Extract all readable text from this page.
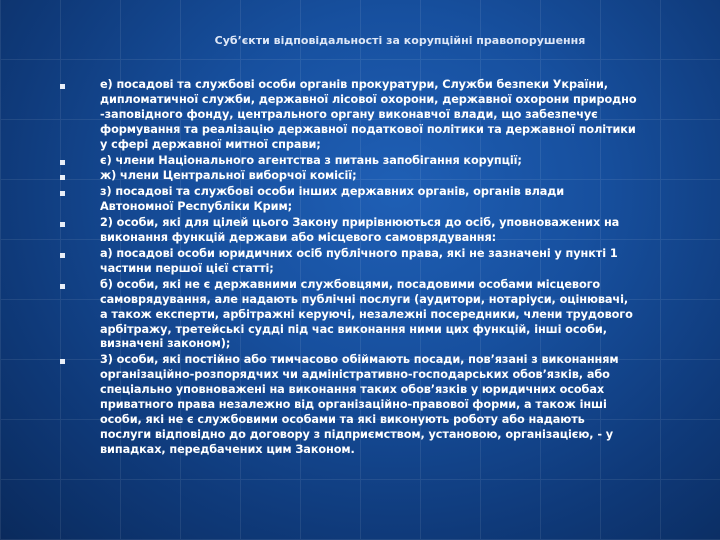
Суб’єкти відповідальності за корупційні правопорушення
е) посадові та службові особи органів прокуратури, Служби безпеки України,
дипломатичної служби, державної лісової охорони, державної охорони природно
-заповідного фонду, центрального органу виконавчої влади, що забезпечує
формування та реалізацію державної податкової політики та державної політики
у сфері державної митної справи;
є) члени Національного агентства з питань запобігання корупції;
ж) члени Центральної виборчої комісії;
з) посадові та службові особи інших державних органів, органів влади
Автономної Республіки Крим;
2) особи, які для цілей цього Закону прирівнюються до осіб, уповноважених на
виконання функцій держави або місцевого самоврядування:
а) посадові особи юридичних осіб публічного права, які не зазначені у пункті 1
частини першої цієї статті;
б) особи, які не є державними службовцями, посадовими особами місцевого
самоврядування, але надають публічні послуги (аудитори, нотаріуси, оцінювачі,
а також експерти, арбітражні керуючі, незалежні посередники, члени трудового
арбітражу, третейські судді під час виконання ними цих функцій, інші особи,
визначені законом);
3) особи, які постійно або тимчасово обіймають посади, пов’язані з виконанням
організаційно-розпорядчих чи адміністративно-господарських обов’язків, або
спеціально уповноважені на виконання таких обов’язків у юридичних особах
приватного права незалежно від організаційно-правової форми, а також інші
особи, які не є службовими особами та які виконують роботу або надають
послуги відповідно до договору з підприємством, установою, організацією, - у
випадках, передбачених цим Законом.
